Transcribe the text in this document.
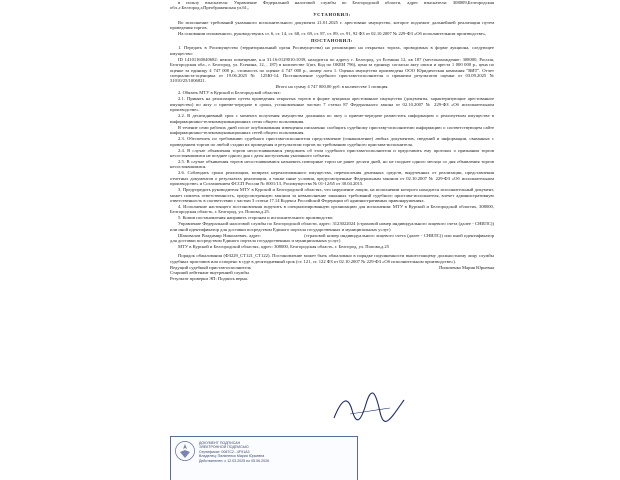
в пользу взыскателя: Управление Федеральной налоговой службы по Белгородской области, адрес взыскателя: 308009,Белгородская обл.,г.Белгород,г,Преображенская ул,61,,

УСТАНОВИЛ:

Во исполнение требований указанного исполнительного документа 21.01.2025 г. арестовано имущество, которое подлежит дальнейшей реализации путем проведения торгов.

На основании изложенного, руководствуясь ст. 6, ст. 14, ст. 68, ст. 69, ст. 87, ст. 89, ст. 91, 92 ФЗ от 02.10.2007 № 229-ФЗ «Об исполнительном производстве»,

ПОСТАНОВИЛ:

1. Передать в Росимущество (территориальный орган Росимущества) на реализацию на открытых торгах, проводимых в форме аукциона, следующее имущество:

ID 14101160040682: нежил помещение, к.н 31:16:0129010:1039, находится по адресу г. Белгород, ул Есенина 12, кв 187 (местонахождение: 308000, Россия, Белгородская обл., г. Белгород, ул. Есенина, 12, , 187) в количестве 1(шт, Код по ОКЕИ 796), цена за единицу согласно акту описи и ареста 1 000 000 р., цена по оценке за единицу 4 747 000 р., стоимость по оценке 4 747 000 р., номер лота 1. Оценка имущества произведена ООО Юридическая компания "ВИТ". Отчет специалиста-оценщика от 19.06.2025 № 125Ю-14. Постановление судебного пристава-исполнителя о принятии результатов оценки от 03.09.2025 № 31010/25/1006821.

Итого на сумму 4 747 000,00 руб. в количестве 1 позиция.

2. Обязать МТУ в Курской и Белгородской областях:

2.1. Принять на реализацию путем проведения открытых торгов в форме аукциона арестованное имущество (документы, характеризующие арестованное имущество) по акту о приеме-передаче в сроки, установленные частью 7 статьи 87 Федерального закона от 02.10.2007 № 229-ФЗ «Об исполнительном производстве».

2.2. В десятидневный срок с момента получения имущества должника по акту о приеме-передаче разместить информацию о реализуемом имуществе в информационно-телекоммуникационных сетях общего пользования.

В течение семи рабочих дней после опубликования извещения письменно сообщить судебному приставу-исполнителю информацию о соответствующем сайте информационно-телекоммуникационных сетей общего пользования.

2.3. Обеспечить по требованию судебного пристава-исполнителя представление (ознакомление) любых документов, сведений и информации, связанных с проведением торгов по любой стадии их проведения и результатам торгов по требованию судебного пристава-исполнителя.

2.4. В случае объявления торгов несостоявшимися уведомить об этом судебного пристава-исполнителя и представить ему протокол о признании торгов несостоявшимися не позднее одного дня с даты наступления указанного события.

2.5. В случае объявления торгов несостоявшимися назначить повторные торги не ранее десяти дней, но не позднее одного месяца со дня объявления торгов несостоявшимися.

2.6. Соблюдать сроки реализации, возврата нереализованного имущества, перечисления денежных средств, вырученных от реализации, представления отчетных документов о результатах реализации, а также иные условия, предусмотренные Федеральным законом от 02.10.2007 № 229-ФЗ «Об исполнительном производстве» и Соглашением ФССП России № 0001/13, Росимущества № 01-12/65 от 30.04.2015.

3. Предупредить руководителя МТУ в Курской и Белгородской областях, что нарушение лицом, на исполнении которого находится исполнительный документ, может повлечь ответственность, предусмотренную законом за невыполнение законных требований судебного пристава-исполнителя, влечет административную ответственность в соответствии с частью 3 статьи 17.14 Кодекса Российской Федерации об административных правонарушениях.

4. Исполнение настоящего постановления поручить в специализированную организацию для исполнения: МТУ в Курской и Белгородской областях, 308000, Белгородская область, г. Белгород, ул. Попова,д.25.

5. Копии постановления направить сторонам и исполнительного производства:

Управление Федеральной налоговой службы по Белгородской области, адрес: 3123022024 (страховой номер индивидуального лицевого счета (далее - СНИЛС)) или иной идентификатор для доставки посредством Единого портала государственных и муниципальных услуг)

Шаповалов Владимир Николаевич, адрес:	(страховой номер индивидуального лицевого счета (далее - СНИЛС)) или иной идентификатор для доставки посредством Единого портала государственных и муниципальных услуг)

МТУ в Курской и Белгородской областях, адрес: 308000, Белгородская область, г. Белгород, ул. Попова,д.25

Порядок обжалования (ФЗ229_СТ121_СТ122). Постановление может быть обжаловано в порядке подчиненности вышестоящему должностному лицу службы судебных приставов или оспорено в суде в десятидневный срок (ст. 121, ст. 122 ФЗ от 02.10.2007 № 229-ФЗ «Об исполнительном производстве»).

Ведущий судебный пристав-исполнитель	Пилипенко Мария Юрьевна

Старший лейтенант внутренней службы

Результат проверки ЭП: Подпись верна.

ДОКУМЕНТ ПОДПИСАН
ЭЛЕКТРОННОЙ ПОДПИСЬЮ
Сертификат: 0087C2...4F91A3
Владелец: Пилипенко Мария Юрьевна
Действителен: с 12.03.2025 по 05.06.2026
